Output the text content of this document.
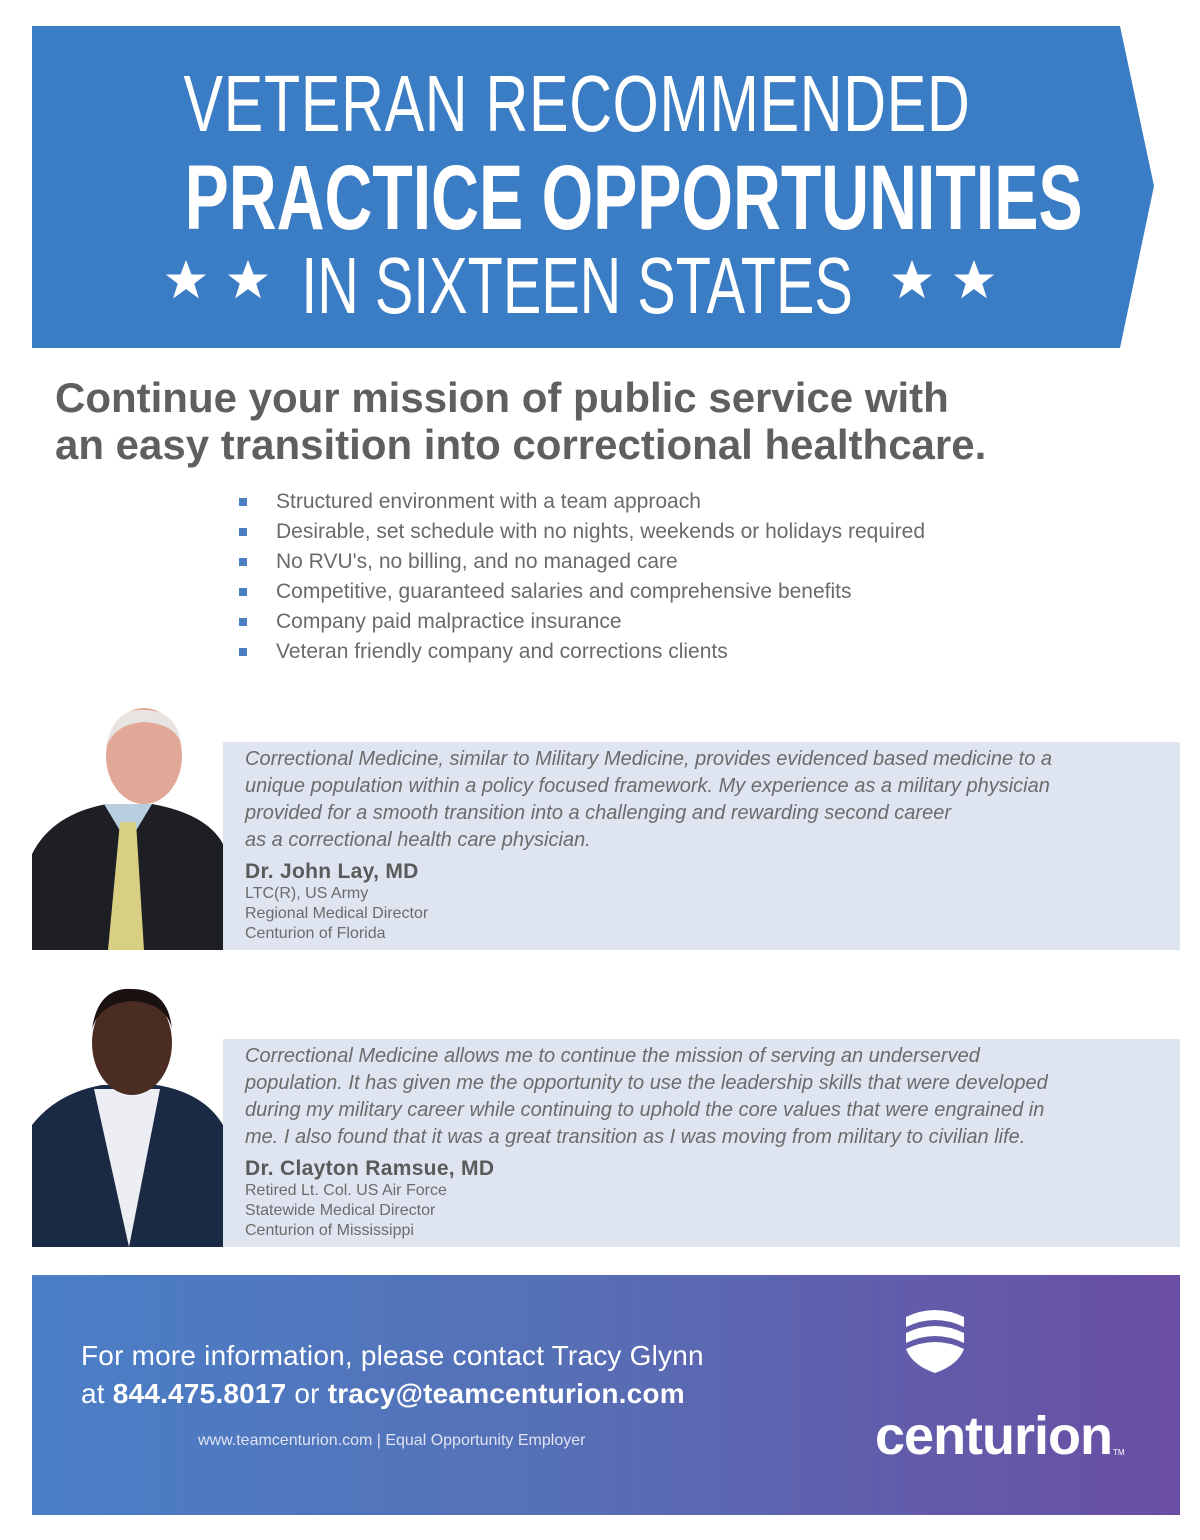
VETERAN RECOMMENDED
PRACTICE OPPORTUNITIES
IN SIXTEEN STATES
Continue your mission of public service with
an easy transition into correctional healthcare.
Structured environment with a team approach
Desirable, set schedule with no nights, weekends or holidays required
No RVU's, no billing, and no managed care
Competitive, guaranteed salaries and comprehensive benefits
Company paid malpractice insurance
Veteran friendly company and corrections clients
Correctional Medicine, similar to Military Medicine, provides evidenced based medicine to a
unique population within a policy focused framework. My experience as a military physician
provided for a smooth transition into a challenging and rewarding second career
as a correctional health care physician.
Dr. John Lay, MD
LTC(R), US Army
Regional Medical Director
Centurion of Florida
Correctional Medicine allows me to continue the mission of serving an underserved
population. It has given me the opportunity to use the leadership skills that were developed
during my military career while continuing to uphold the core values that were engrained in
me. I also found that it was a great transition as I was moving from military to civilian life.
Dr. Clayton Ramsue, MD
Retired Lt. Col. US Air Force
Statewide Medical Director
Centurion of Mississippi
For more information, please contact Tracy Glynn
at 844.475.8017 or tracy@teamcenturion.com
www.teamcenturion.com | Equal Opportunity Employer	centurion TM
